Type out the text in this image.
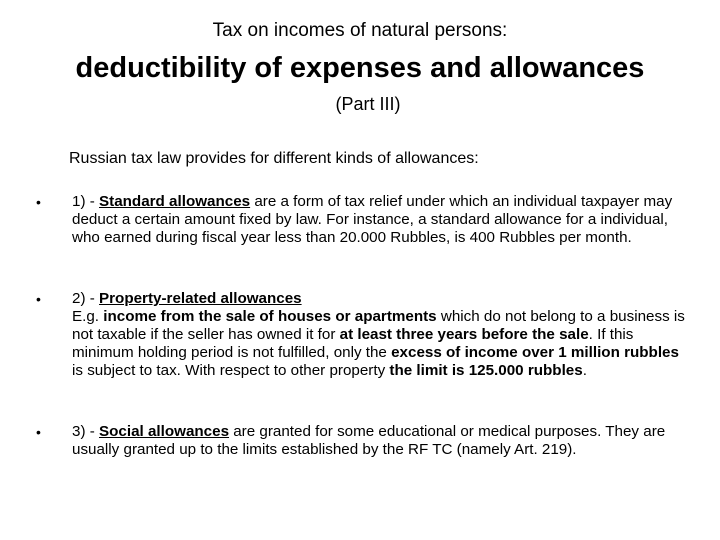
Tax on incomes of natural persons:
deductibility of expenses and allowances
(Part III)
Russian tax law provides for different kinds of allowances:
• 1) - Standard allowances are a form of tax relief under which an individual taxpayer may deduct a certain amount fixed by law. For instance, a standard allowance for a individual, who earned during fiscal year less than 20.000 Rubbles, is 400 Rubbles per month.
• 2) - Property-related allowances
E.g. income from the sale of houses or apartments which do not belong to a business is not taxable if the seller has owned it for at least three years before the sale. If this minimum holding period is not fulfilled, only the excess of income over 1 million rubbles is subject to tax. With respect to other property the limit is 125.000 rubbles.
• 3) - Social allowances are granted for some educational or medical purposes. They are usually granted up to the limits established by the RF TC (namely Art. 219).
